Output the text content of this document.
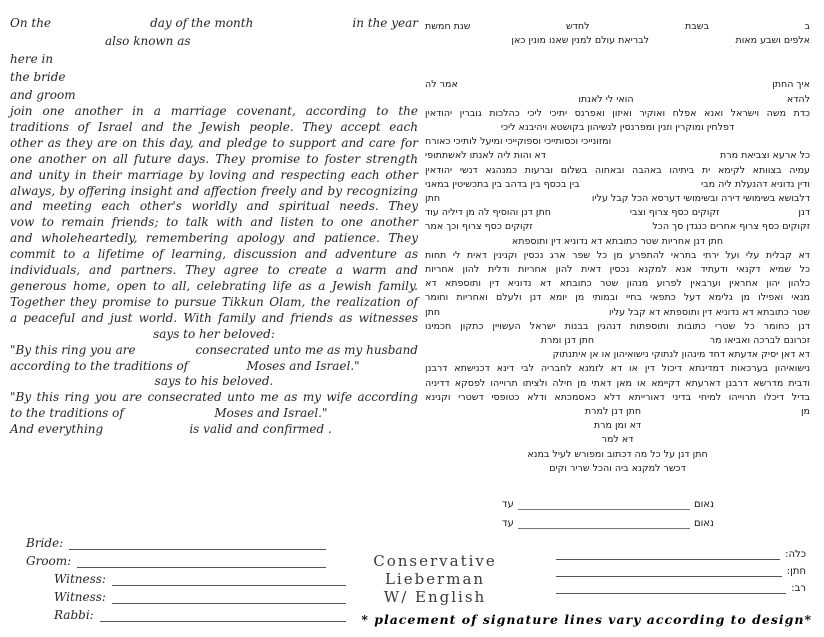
On the	day of the month	in the year
also known as
here in
the bride
and groom
join one another in a marriage covenant, according to the
traditions of Israel and the Jewish people. They accept each
other as they are on this day, and pledge to support and care for
one another on all future days. They promise to foster strength
and unity in their marriage by loving and respecting each other
always, by offering insight and affection freely and by recognizing
and meeting each other's worldly and spiritual needs. They
vow to remain friends; to talk with and listen to one another
and wholeheartedly, remembering apology and patience. They
commit to a lifetime of learning, discussion and adventure as
individuals, and partners. They agree to create a warm and
generous home, open to all, celebrating life as a Jewish family.
Together they promise to pursue Tikkun Olam, the realization of
a peaceful and just world. With family and friends as witnesses
says to her beloved:
"By this ring you are	consecrated unto me as my husband
according to the traditions of	Moses and Israel."
says to his beloved.
"By this ring you are consecrated unto me as my wife according
to the traditions of	Moses and Israel."
And everything	is valid and confirmed .
ב
בשבת
לחדש
שנת חמשת
אלפים ושבע מאות
לבריאת עולם למנין שאנו מונין כאן
איך החתן
אמר לה
להדא
הואי לי לאנתו
כדת משה וישראל ואנא אפלח ואוקיר ואיזון ואפרנס יתיכי ליכי כהלכות גוברין יהודאין
דפלחין ומוקרין וזנין ומפרנסין לנשיהון בקושטא ויהיבנא ליכי
ומזונייכי וכסותייכי וספוקייכי ומיעל לותיכי כאורח
כל ארעא וצביאת מרת
דא והות ליה לאנתו לאשתתופי
עמיה בצוותא לקימא ית ביתיהו באהבה ובאחוה בשלום וברעות כמנהגא דנשי יהודאין
ודין נדוניא דהנעלת ליה מבי
בין בכסף בין בדהב בין בתכשיטין במאני
דלבושא בשימושי דירה ובשימושי דערסא הכל קבל עליו
חתן
דנן
זקוקים כסף צרוף וצבי
חתן דנן והוסיף לה מן דיליה עוד
זקוקים כסף צרוף אחרים כנגדן סך הכל
זקוקים כסף צרוף וכך אמר
חתן דנן אחריות שטר כתובתא דא נדוניא דין ותוספתא
דא קבלית עלי ועל ירתי בתראי להתפרע מן כל שפר ארג נכסין וקנינין דאית לי תחות
כל שמיא דקנאי ודעתיד אנא למקנא נכסין דאית להון אחריות ודלית להון אחריות
כלהון יהון אחראין וערבאין לפרוע מנהון שטר כתובתא דא נדוניא דין ותוספתא דא
מנאי ואפילו מן גלימא דעל כתפאי בחיי ובמותי מן יומא דנן ולעלם ואחריות וחומר
שטר כתובתא דא נדוניא דין ותוספתא דא קבל עליו
חתן
דנן כחומר כל שטרי כתובות ותוספתות דנהגין בבנות ישראל העשויין כתקון חכמינו
זכרונם לברכה ואביאו מר
חתן דנן ומרת
דא דאן יסיק אדעתא דחד מינהון לנתוקי נישואיהון או אן איתנתוק
נישואיהון בערכאות דמדינתא דיכול דין או דא לזמנא לחבריה לבי דינא דכנישתא דרבנן
ודבית מדרשא דרבנן דארעתא דקיימא או מאן דאתי מן חילה ולציתו תרוייהו לפסקא דדיניה
בדיל דיכלו תרוייהו למיחי בדיני דאורייתא דלא כאסמכתא ודלא כטופסי דשטרי וקנינא
מן
חתן דנן למרת
דא ומן מרת
דא למר
חתן דנן על כל מה דכתוב ומפורש לעיל במנא
דכשר למקנא ביה והכל שריר וקים
נאום
עד
נאום
עד
כלה:
חתן:
רב:
Bride:
Groom:
Witness:
Witness:
Rabbi:
Conservative Lieberman
W/ English
* placement of signature lines vary according to design*
